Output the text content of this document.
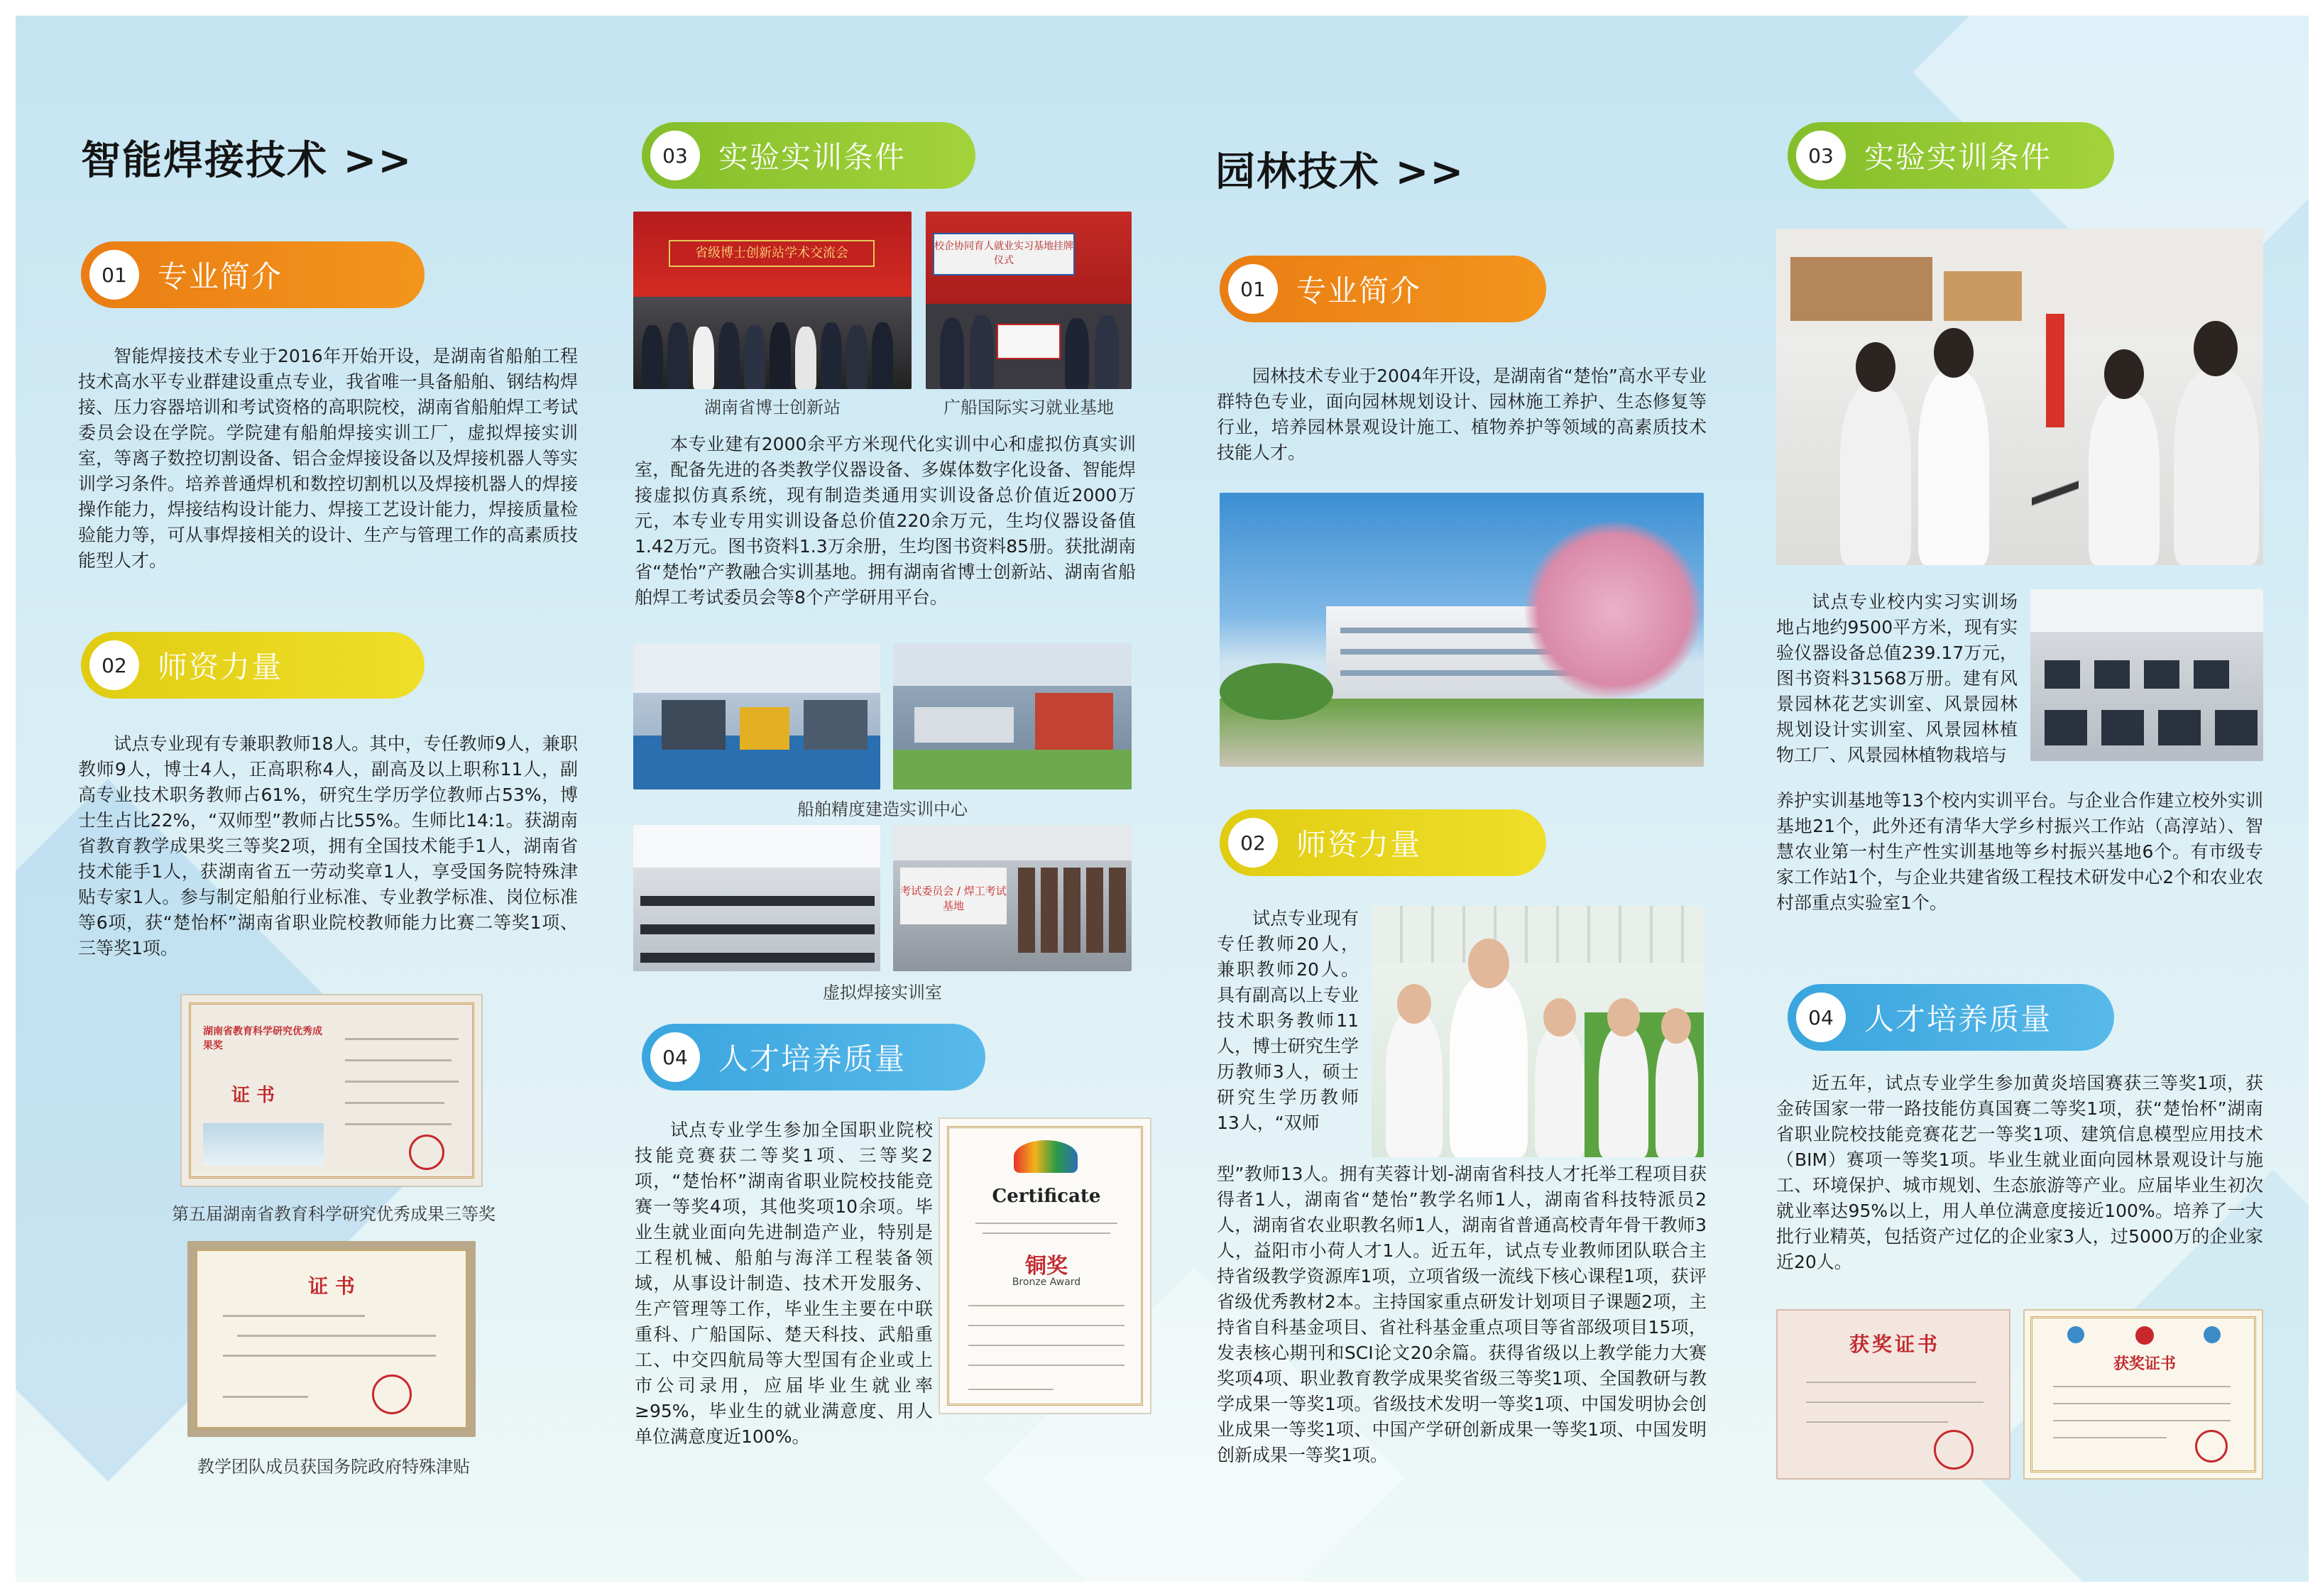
智能焊接技术 >>
01	专业简介

智能焊接技术专业于2016年开始开设，是湖南省船舶工程技术高水平专业群建设重点专业，我省唯一具备船舶、钢结构焊接、压力容器培训和考试资格的高职院校，湖南省船舶焊工考试委员会设在学院。学院建有船舶焊接实训工厂，虚拟焊接实训室，等离子数控切割设备、铝合金焊接设备以及焊接机器人等实训学习条件。培养普通焊机和数控切割机以及焊接机器人的焊接操作能力，焊接结构设计能力、焊接工艺设计能力，焊接质量检验能力等，可从事焊接相关的设计、生产与管理工作的高素质技能型人才。

02	师资力量

试点专业现有专兼职教师18人。其中，专任教师9人，兼职教师9人，博士4人，正高职称4人，副高及以上职称11人，副高专业技术职务教师占61%，研究生学历学位教师占53%，博士生占比22%，“双师型”教师占比55%。生师比14:1。获湖南省教育教学成果奖三等奖2项，拥有全国技术能手1人，湖南省技术能手1人，获湖南省五一劳动奖章1人，享受国务院特殊津贴专家1人。参与制定船舶行业标准、专业教学标准、岗位标准等6项，获“楚怡杯”湖南省职业院校教师能力比赛二等奖1项、三等奖1项。

湖南省教育科学研究优秀成果奖
证 书
第五届湖南省教育科学研究优秀成果三等奖
证 书
教学团队成员获国务院政府特殊津贴
03	实验实训条件
省级博士创新站学术交流会	校企协同育人就业实习基地挂牌仪式
湖南省博士创新站	广船国际实习就业基地

本专业建有2000余平方米现代化实训中心和虚拟仿真实训室，配备先进的各类教学仪器设备、多媒体数字化设备、智能焊接虚拟仿真系统，现有制造类通用实训设备总价值近2000万元，本专业专用实训设备总价值220余万元，生均仪器设备值1.42万元。图书资料1.3万余册，生均图书资料85册。获批湖南省“楚怡”产教融合实训基地。拥有湖南省博士创新站、湖南省船舶焊工考试委员会等8个产学研用平台。

船舶精度建造实训中心
考试委员会 / 焊工考试基地
虚拟焊接实训室
04	人才培养质量

试点专业学生参加全国职业院校技能竞赛获二等奖1项、三等奖2项，“楚怡杯”湖南省职业院校技能竞赛一等奖4项，其他奖项10余项。毕业生就业面向先进制造产业，特别是工程机械、船舶与海洋工程装备领域，从事设计制造、技术开发服务、生产管理等工作，毕业生主要在中联重科、广船国际、楚天科技、武船重工、中交四航局等大型国有企业或上市公司录用，应届毕业生就业率≥95%，毕业生的就业满意度、用人单位满意度近100%。

Certificate
铜奖
Bronze Award
园林技术 >>
01	专业简介

园林技术专业于2004年开设，是湖南省“楚怡”高水平专业群特色专业，面向园林规划设计、园林施工养护、生态修复等行业，培养园林景观设计施工、植物养护等领域的高素质技术技能人才。

02	师资力量

试点专业现有专任教师20人，兼职教师20人。具有副高以上专业技术职务教师11人，博士研究生学历教师3人，硕士研究生学历教师13人，“双师

型”教师13人。拥有芙蓉计划-湖南省科技人才托举工程项目获得者1人，湖南省“楚怡”教学名师1人，湖南省科技特派员2人，湖南省农业职教名师1人，湖南省普通高校青年骨干教师3人，益阳市小荷人才1人。近五年，试点专业教师团队联合主持省级教学资源库1项，立项省级一流线下核心课程1项，获评省级优秀教材2本。主持国家重点研发计划项目子课题2项，主持省自科基金项目、省社科基金重点项目等省部级项目15项，发表核心期刊和SCI论文20余篇。获得省级以上教学能力大赛奖项4项、职业教育教学成果奖省级三等奖1项、全国教研与教学成果一等奖1项。省级技术发明一等奖1项、中国发明协会创业成果一等奖1项、中国产学研创新成果一等奖1项、中国发明创新成果一等奖1项。

03	实验实训条件

试点专业校内实习实训场地占地约9500平方米，现有实验仪器设备总值239.17万元，图书资料31568万册。建有风景园林花艺实训室、风景园林规划设计实训室、风景园林植物工厂、风景园林植物栽培与

养护实训基地等13个校内实训平台。与企业合作建立校外实训基地21个，此外还有清华大学乡村振兴工作站（高淳站）、智慧农业第一村生产性实训基地等乡村振兴基地6个。有市级专家工作站1个，与企业共建省级工程技术研发中心2个和农业农村部重点实验室1个。

04	人才培养质量

近五年，试点专业学生参加黄炎培国赛获三等奖1项，获金砖国家一带一路技能仿真国赛二等奖1项，获“楚怡杯”湖南省职业院校技能竞赛花艺一等奖1项、建筑信息模型应用技术（BIM）赛项一等奖1项。毕业生就业面向园林景观设计与施工、环境保护、城市规划、生态旅游等产业。应届毕业生初次就业率达95%以上，用人单位满意度接近100%。培养了一大批行业精英，包括资产过亿的企业家3人，过5000万的企业家近20人。

获奖证书
获奖证书
